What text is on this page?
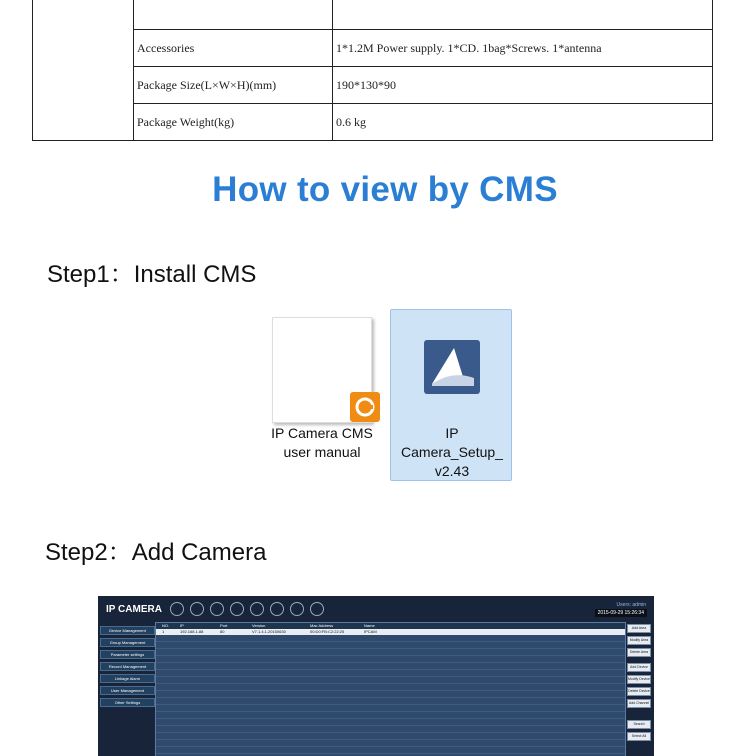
	Accessories	1*1.2M Power supply. 1*CD. 1bag*Screws. 1*antenna
	Package Size(L×W×H)(mm)	190*130*90
	Package Weight(kg)	0.6 kg
How to view by CMS
Step1：Install CMS
IP Camera CMS
user manual
IP
Camera_Setup_
v2.43
Step2：Add Camera
IP CAMERA	Users: admin
2015-09-29 15:26:34
Device Management
Group Management
Parameter settings
Record Management
Linkage Alarm
User Management
Other Settings
NO.	IP	Port	Version	Mac Address	Name
1	192.168.1.88	80	V7.1.4.1.20150630	00:D0:FB:C2:22:25	IPCAM
Add Area
Modify Area
Delete Area
Add Device
Modify Device
Delete Device
Add Channel
Search
Select All
